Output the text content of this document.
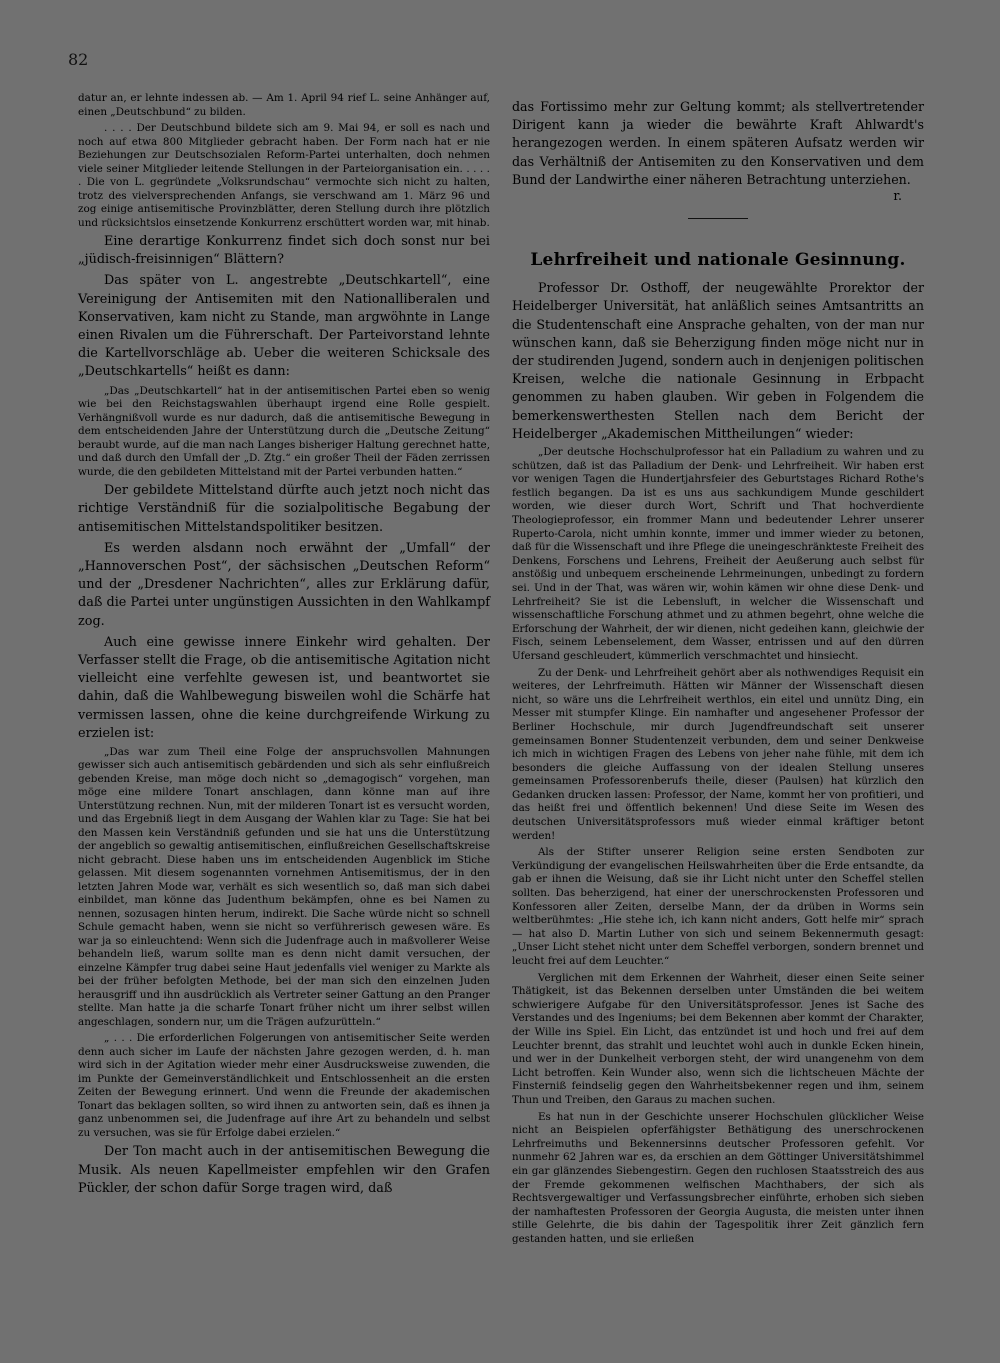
82

datur an, er lehnte indessen ab. — Am 1. April 94 rief L. seine Anhänger auf, einen „Deutschbund“ zu bilden.

. . . . Der Deutschbund bildete sich am 9. Mai 94, er soll es nach und noch auf etwa 800 Mitglieder gebracht haben. Der Form nach hat er nie Beziehungen zur Deutschsozialen Reform-Partei unterhalten, doch nehmen viele seiner Mitglieder leitende Stellungen in der Parteiorganisation ein. . . . . . Die von L. gegründete „Volksrundschau“ vermochte sich nicht zu halten, trotz des vielversprechenden Anfangs, sie verschwand am 1. März 96 und zog einige antisemitische Provinzblätter, deren Stellung durch ihre plötzlich und rücksichtslos einsetzende Konkurrenz erschüttert worden war, mit hinab.

Eine derartige Konkurrenz findet sich doch sonst nur bei „jüdisch-freisinnigen“ Blättern?

Das später von L. angestrebte „Deutschkartell“, eine Vereinigung der Antisemiten mit den Nationalliberalen und Konservativen, kam nicht zu Stande, man argwöhnte in Lange einen Rivalen um die Führerschaft. Der Parteivorstand lehnte die Kartellvorschläge ab. Ueber die weiteren Schicksale des „Deutschkartells“ heißt es dann:

„Das „Deutschkartell“ hat in der antisemitischen Partei eben so wenig wie bei den Reichstagswahlen überhaupt irgend eine Rolle gespielt. Verhängnißvoll wurde es nur dadurch, daß die antisemitische Bewegung in dem entscheidenden Jahre der Unterstützung durch die „Deutsche Zeitung“ beraubt wurde, auf die man nach Langes bisheriger Haltung gerechnet hatte, und daß durch den Umfall der „D. Ztg.“ ein großer Theil der Fäden zerrissen wurde, die den gebildeten Mittelstand mit der Partei verbunden hatten.“

Der gebildete Mittelstand dürfte auch jetzt noch nicht das richtige Verständniß für die sozialpolitische Begabung der antisemitischen Mittelstandspolitiker besitzen.

Es werden alsdann noch erwähnt der „Umfall“ der „Hannoverschen Post“, der sächsischen „Deutschen Reform“ und der „Dresdener Nachrichten“, alles zur Erklärung dafür, daß die Partei unter ungünstigen Aussichten in den Wahlkampf zog.

Auch eine gewisse innere Einkehr wird gehalten. Der Verfasser stellt die Frage, ob die antisemitische Agitation nicht vielleicht eine verfehlte gewesen ist, und beantwortet sie dahin, daß die Wahlbewegung bisweilen wohl die Schärfe hat vermissen lassen, ohne die keine durchgreifende Wirkung zu erzielen ist:

„Das war zum Theil eine Folge der anspruchsvollen Mahnungen gewisser sich auch antisemitisch gebärdenden und sich als sehr einflußreich gebenden Kreise, man möge doch nicht so „demagogisch“ vorgehen, man möge eine mildere Tonart anschlagen, dann könne man auf ihre Unterstützung rechnen. Nun, mit der milderen Tonart ist es versucht worden, und das Ergebniß liegt in dem Ausgang der Wahlen klar zu Tage: Sie hat bei den Massen kein Verständniß gefunden und sie hat uns die Unterstützung der angeblich so gewaltig antisemitischen, einflußreichen Gesellschaftskreise nicht gebracht. Diese haben uns im entscheidenden Augenblick im Stiche gelassen. Mit diesem sogenannten vornehmen Antisemitismus, der in den letzten Jahren Mode war, verhält es sich wesentlich so, daß man sich dabei einbildet, man könne das Judenthum bekämpfen, ohne es bei Namen zu nennen, sozusagen hinten herum, indirekt. Die Sache würde nicht so schnell Schule gemacht haben, wenn sie nicht so verführerisch gewesen wäre. Es war ja so einleuchtend: Wenn sich die Judenfrage auch in maßvollerer Weise behandeln ließ, warum sollte man es denn nicht damit versuchen, der einzelne Kämpfer trug dabei seine Haut jedenfalls viel weniger zu Markte als bei der früher befolgten Methode, bei der man sich den einzelnen Juden herausgriff und ihn ausdrücklich als Vertreter seiner Gattung an den Pranger stellte. Man hatte ja die scharfe Tonart früher nicht um ihrer selbst willen angeschlagen, sondern nur, um die Trägen aufzurütteln.“

„ . . . Die erforderlichen Folgerungen von antisemitischer Seite werden denn auch sicher im Laufe der nächsten Jahre gezogen werden, d. h. man wird sich in der Agitation wieder mehr einer Ausdrucksweise zuwenden, die im Punkte der Gemeinverständlichkeit und Entschlossenheit an die ersten Zeiten der Bewegung erinnert. Und wenn die Freunde der akademischen Tonart das beklagen sollten, so wird ihnen zu antworten sein, daß es ihnen ja ganz unbenommen sei, die Judenfrage auf ihre Art zu behandeln und selbst zu versuchen, was sie für Erfolge dabei erzielen.“

Der Ton macht auch in der antisemitischen Bewegung die Musik. Als neuen Kapellmeister empfehlen wir den Grafen Pückler, der schon dafür Sorge tragen wird, daß

das Fortissimo mehr zur Geltung kommt; als stellvertretender Dirigent kann ja wieder die bewährte Kraft Ahlwardt's herangezogen werden. In einem späteren Aufsatz werden wir das Verhältniß der Antisemiten zu den Konservativen und dem Bund der Landwirthe einer näheren Betrachtung unterziehen.

r.

Lehrfreiheit und nationale Gesinnung.

Professor Dr. Osthoff, der neugewählte Prorektor der Heidelberger Universität, hat anläßlich seines Amtsantritts an die Studentenschaft eine Ansprache gehalten, von der man nur wünschen kann, daß sie Beherzigung finden möge nicht nur in der studirenden Jugend, sondern auch in denjenigen politischen Kreisen, welche die nationale Gesinnung in Erbpacht genommen zu haben glauben. Wir geben in Folgendem die bemerkenswerthesten Stellen nach dem Bericht der Heidelberger „Akademischen Mittheilungen“ wieder:

„Der deutsche Hochschulprofessor hat ein Palladium zu wahren und zu schützen, daß ist das Palladium der Denk- und Lehrfreiheit. Wir haben erst vor wenigen Tagen die Hundertjahrsfeier des Geburtstages Richard Rothe's festlich begangen. Da ist es uns aus sachkundigem Munde geschildert worden, wie dieser durch Wort, Schrift und That hochverdiente Theologieprofessor, ein frommer Mann und bedeutender Lehrer unserer Ruperto-Carola, nicht umhin konnte, immer und immer wieder zu betonen, daß für die Wissenschaft und ihre Pflege die uneingeschränkteste Freiheit des Denkens, Forschens und Lehrens, Freiheit der Aeußerung auch selbst für anstößig und unbequem erscheinende Lehrmeinungen, unbedingt zu fordern sei. Und in der That, was wären wir, wohin kämen wir ohne diese Denk- und Lehrfreiheit? Sie ist die Lebensluft, in welcher die Wissenschaft und wissenschaftliche Forschung athmet und zu athmen begehrt, ohne welche die Erforschung der Wahrheit, der wir dienen, nicht gedeihen kann, gleichwie der Fisch, seinem Lebenselement, dem Wasser, entrissen und auf den dürren Ufersand geschleudert, kümmerlich verschmachtet und hinsiecht.

Zu der Denk- und Lehrfreiheit gehört aber als nothwendiges Requisit ein weiteres, der Lehrfreimuth. Hätten wir Männer der Wissenschaft diesen nicht, so wäre uns die Lehrfreiheit werthlos, ein eitel und unnütz Ding, ein Messer mit stumpfer Klinge. Ein namhafter und angesehener Professor der Berliner Hochschule, mir durch Jugendfreundschaft seit unserer gemeinsamen Bonner Studentenzeit verbunden, dem und seiner Denkweise ich mich in wichtigen Fragen des Lebens von jeher nahe fühle, mit dem ich besonders die gleiche Auffassung von der idealen Stellung unseres gemeinsamen Professorenberufs theile, dieser (Paulsen) hat kürzlich den Gedanken drucken lassen: Professor, der Name, kommt her von profitieri, und das heißt frei und öffentlich bekennen! Und diese Seite im Wesen des deutschen Universitätsprofessors muß wieder einmal kräftiger betont werden!

Als der Stifter unserer Religion seine ersten Sendboten zur Verkündigung der evangelischen Heilswahrheiten über die Erde entsandte, da gab er ihnen die Weisung, daß sie ihr Licht nicht unter den Scheffel stellen sollten. Das beherzigend, hat einer der unerschrockensten Professoren und Konfessoren aller Zeiten, derselbe Mann, der da drüben in Worms sein weltberühmtes: „Hie stehe ich, ich kann nicht anders, Gott helfe mir“ sprach — hat also D. Martin Luther von sich und seinem Bekennermuth gesagt: „Unser Licht stehet nicht unter dem Scheffel verborgen, sondern brennet und leucht frei auf dem Leuchter.“

Verglichen mit dem Erkennen der Wahrheit, dieser einen Seite seiner Thätigkeit, ist das Bekennen derselben unter Umständen die bei weitem schwierigere Aufgabe für den Universitätsprofessor. Jenes ist Sache des Verstandes und des Ingeniums; bei dem Bekennen aber kommt der Charakter, der Wille ins Spiel. Ein Licht, das entzündet ist und hoch und frei auf dem Leuchter brennt, das strahlt und leuchtet wohl auch in dunkle Ecken hinein, und wer in der Dunkelheit verborgen steht, der wird unangenehm von dem Licht betroffen. Kein Wunder also, wenn sich die lichtscheuen Mächte der Finsterniß feindselig gegen den Wahrheitsbekenner regen und ihm, seinem Thun und Treiben, den Garaus zu machen suchen.

Es hat nun in der Geschichte unserer Hochschulen glücklicher Weise nicht an Beispielen opferfähigster Bethätigung des unerschrockenen Lehrfreimuths und Bekennersinns deutscher Professoren gefehlt. Vor nunmehr 62 Jahren war es, da erschien an dem Göttinger Universitätshimmel ein gar glänzendes Siebengestirn. Gegen den ruchlosen Staatsstreich des aus der Fremde gekommenen welfischen Machthabers, der sich als Rechtsvergewaltiger und Verfassungsbrecher einführte, erhoben sich sieben der namhaftesten Professoren der Georgia Augusta, die meisten unter ihnen stille Gelehrte, die bis dahin der Tagespolitik ihrer Zeit gänzlich fern gestanden hatten, und sie erließen
